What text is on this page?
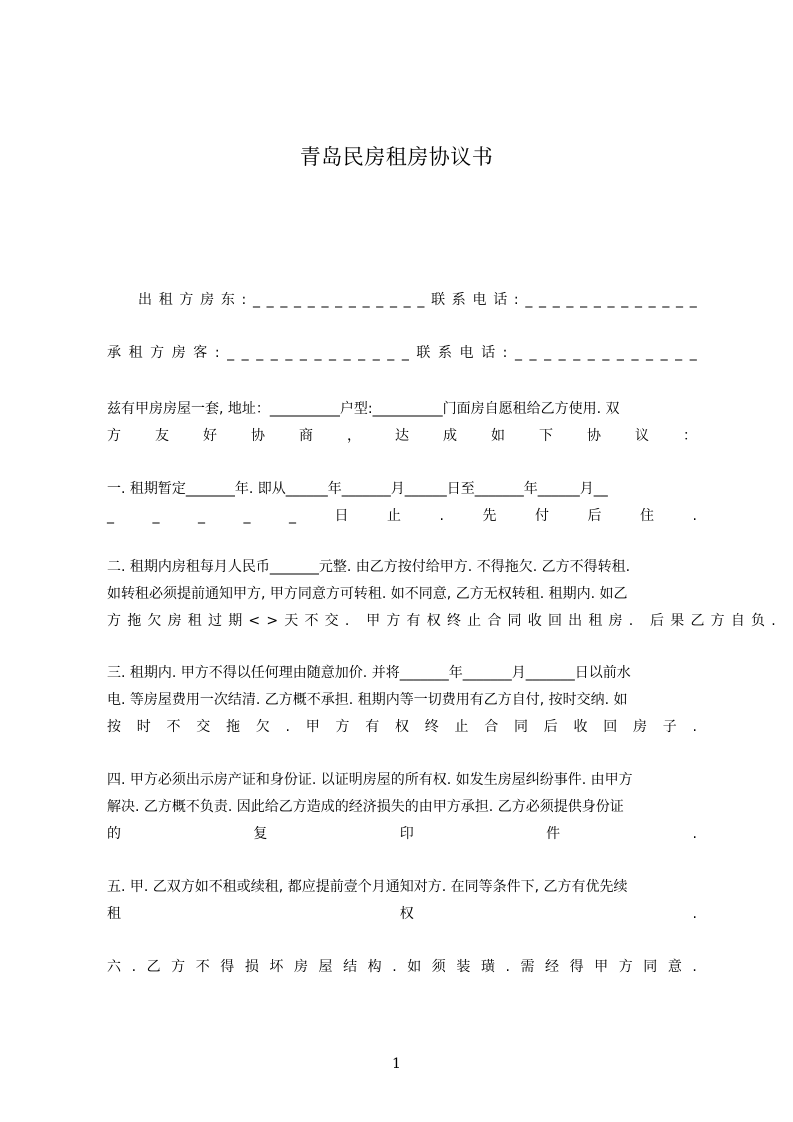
青岛民房租房协议书
出 租 方 房 东 : _ _ _ _ _ _ _ _ _ _ _ _ _ 联 系 电 话 : _ _ _ _ _ _ _ _ _ _ _ _ _
承 租 方 房 客 : _ _ _ _ _ _ _ _ _ _ _ _ _ 联 系 电 话 : _ _ _ _ _ _ _ _ _ _ _ _ _
兹有甲房房屋一套, 地址：__________户型:__________门面房自愿租给乙方使用. 双
方 友 好 协 商 ， 达 成 如 下 协 议 ：
一. 租期暂定_______年. 即从______年_______月______日至_______年______月__
_	_	_	_	_	日	止	.	先	付	后	住	.
二. 租期内房租每月人民币_______元整. 由乙方按付给甲方. 不得拖欠. 乙方不得转租.
如转租必须提前通知甲方, 甲方同意方可转租. 如不同意, 乙方无权转租. 租期内. 如乙
方拖欠房租过期<>天不交. 甲方有权终止合同收回出租房. 后果乙方自负.
三. 租期内. 甲方不得以任何理由随意加价. 并将_______年_______月_______日以前水
电. 等房屋费用一次结清. 乙方概不承担. 租期内等一切费用有乙方自付, 按时交纳. 如
按 时 不 交 拖 欠 . 甲 方 有 权 终 止 合 同 后 收 回 房 子 .
四. 甲方必须出示房产证和身份证. 以证明房屋的所有权. 如发生房屋纠纷事件. 由甲方
解决. 乙方概不负责. 因此给乙方造成的经济损失的由甲方承担. 乙方必须提供身份证
的	复	印	件	.
五. 甲. 乙双方如不租或续租, 都应提前壹个月通知对方. 在同等条件下, 乙方有优先续
租	权	.
六 . 乙 方 不 得 损 坏 房 屋 结 构 . 如 须 装 璜 . 需 经 得 甲 方 同 意 .
1
